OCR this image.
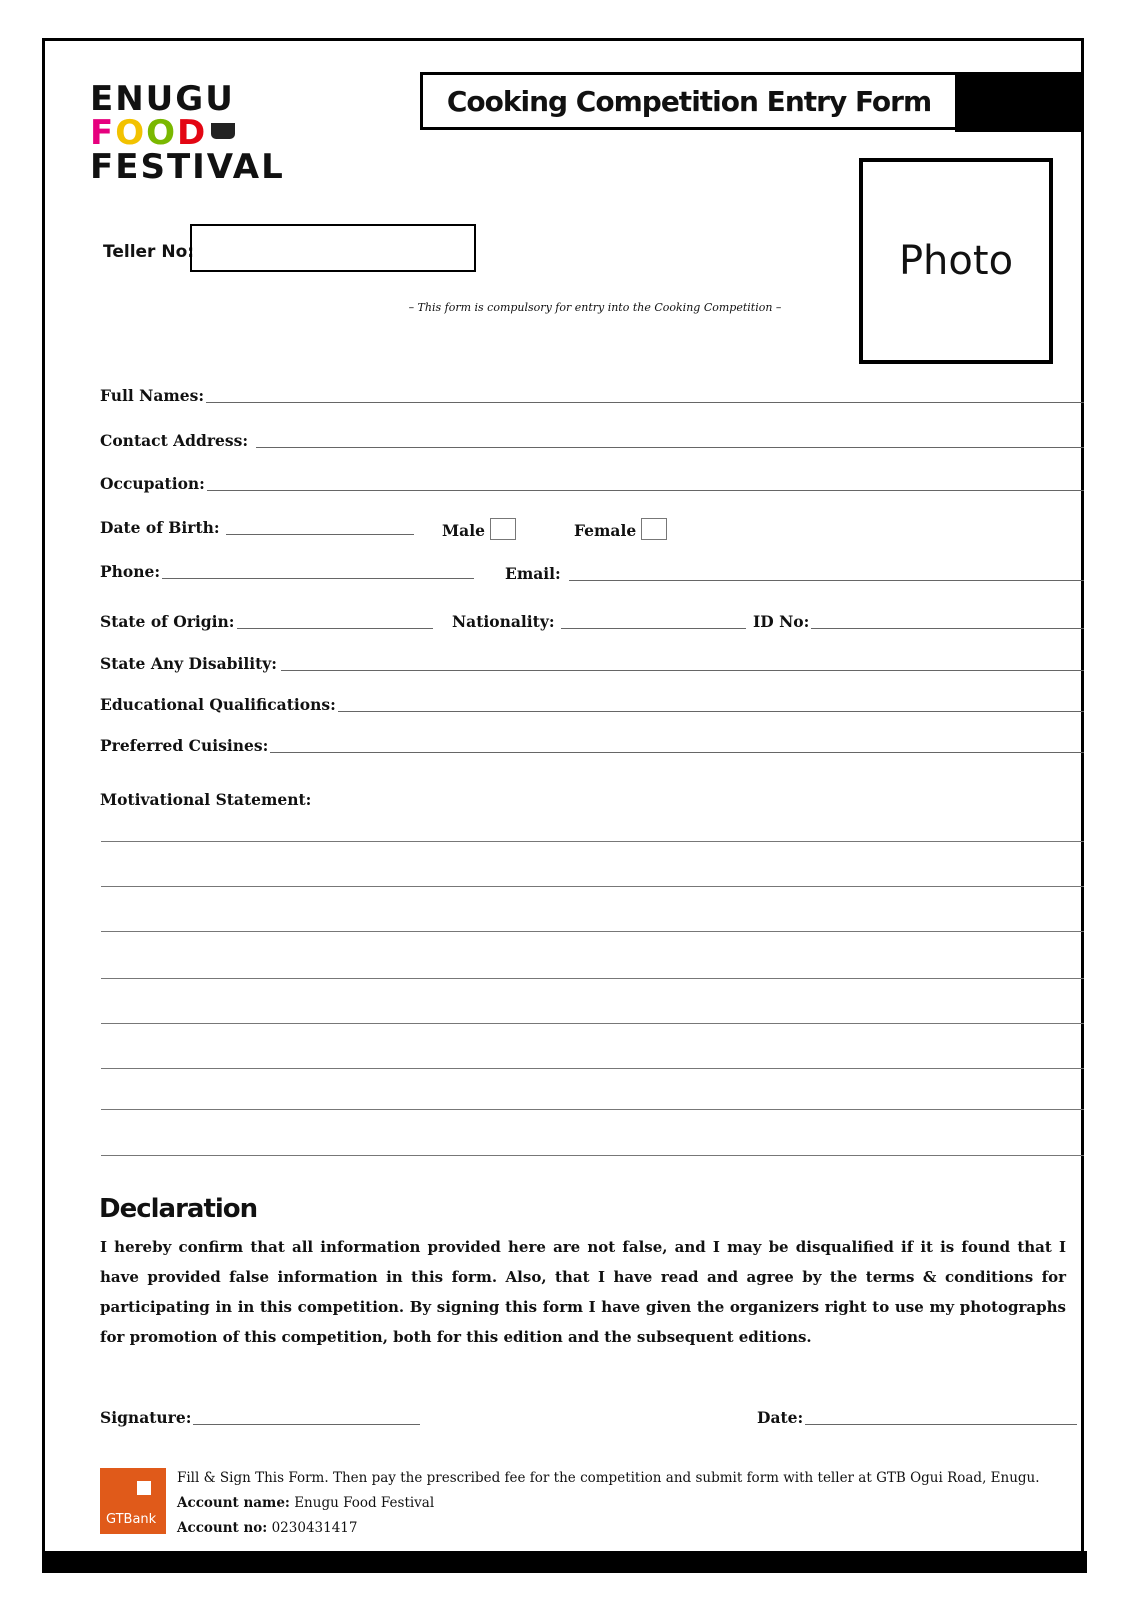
ENUGU
FOOD
FESTIVAL
Cooking Competition Entry Form
Photo
Teller No:
– This form is compulsory for entry into the Cooking Competition –
Full Names:
Contact Address:
Occupation:
Date of Birth:	Male	Female
Phone:	Email:
State of Origin:	Nationality:	ID No:
State Any Disability:
Educational Qualifications:
Preferred Cuisines:
Motivational Statement:
Declaration
I hereby confirm that all information provided here are not false, and I may be disqualified if it is found that I have provided false information in this form. Also, that I have read and agree by the terms & conditions for participating in in this competition. By signing this form I have given the organizers right to use my photographs for promotion of this competition, both for this edition and the subsequent editions.
Signature:	Date:
GTBank
Fill & Sign This Form. Then pay the prescribed fee for the competition and submit form with teller at GTB Ogui Road, Enugu.
Account name: Enugu Food Festival
Account no: 0230431417
